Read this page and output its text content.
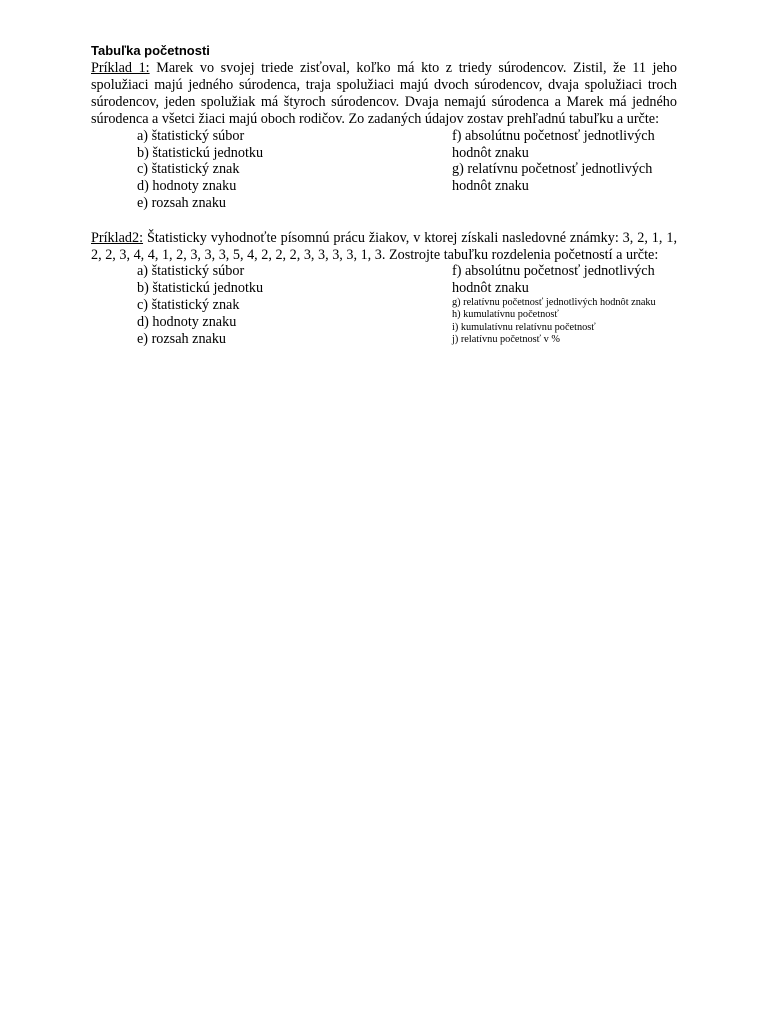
Tabuľka početnosti

Príklad 1: Marek vo svojej triede zisťoval, koľko má kto z triedy súrodencov. Zistil, že 11 jeho spolužiaci majú jedného súrodenca, traja spolužiaci majú dvoch súrodencov, dvaja spolužiaci troch súrodencov, jeden spolužiak má štyroch súrodencov. Dvaja nemajú súrodenca a Marek má jedného súrodenca a všetci žiaci majú oboch rodičov. Zo zadaných údajov zostav prehľadnú tabuľku a určte:

a) štatistický súbor

b) štatistickú jednotku

c) štatistický znak

d) hodnoty znaku

e) rozsah znaku

f) absolútnu početnosť jednotlivých hodnôt znaku

g) relatívnu početnosť jednotlivých hodnôt znaku

Príklad2: Štatisticky vyhodnoťte písomnú prácu žiakov, v ktorej získali nasledovné známky: 3, 2, 1, 1, 2, 2, 3, 4, 4, 1, 2, 3, 3, 3, 5, 4, 2, 2, 2, 3, 3, 3, 3, 1, 3. Zostrojte tabuľku rozdelenia početností a určte:

a) štatistický súbor

b) štatistickú jednotku

c) štatistický znak

d) hodnoty znaku

e) rozsah znaku

f) absolútnu početnosť jednotlivých hodnôt znaku

g) relatívnu početnosť jednotlivých hodnôt znaku

h) kumulatívnu početnosť

i) kumulatívnu relatívnu početnosť

j) relatívnu početnosť v %
